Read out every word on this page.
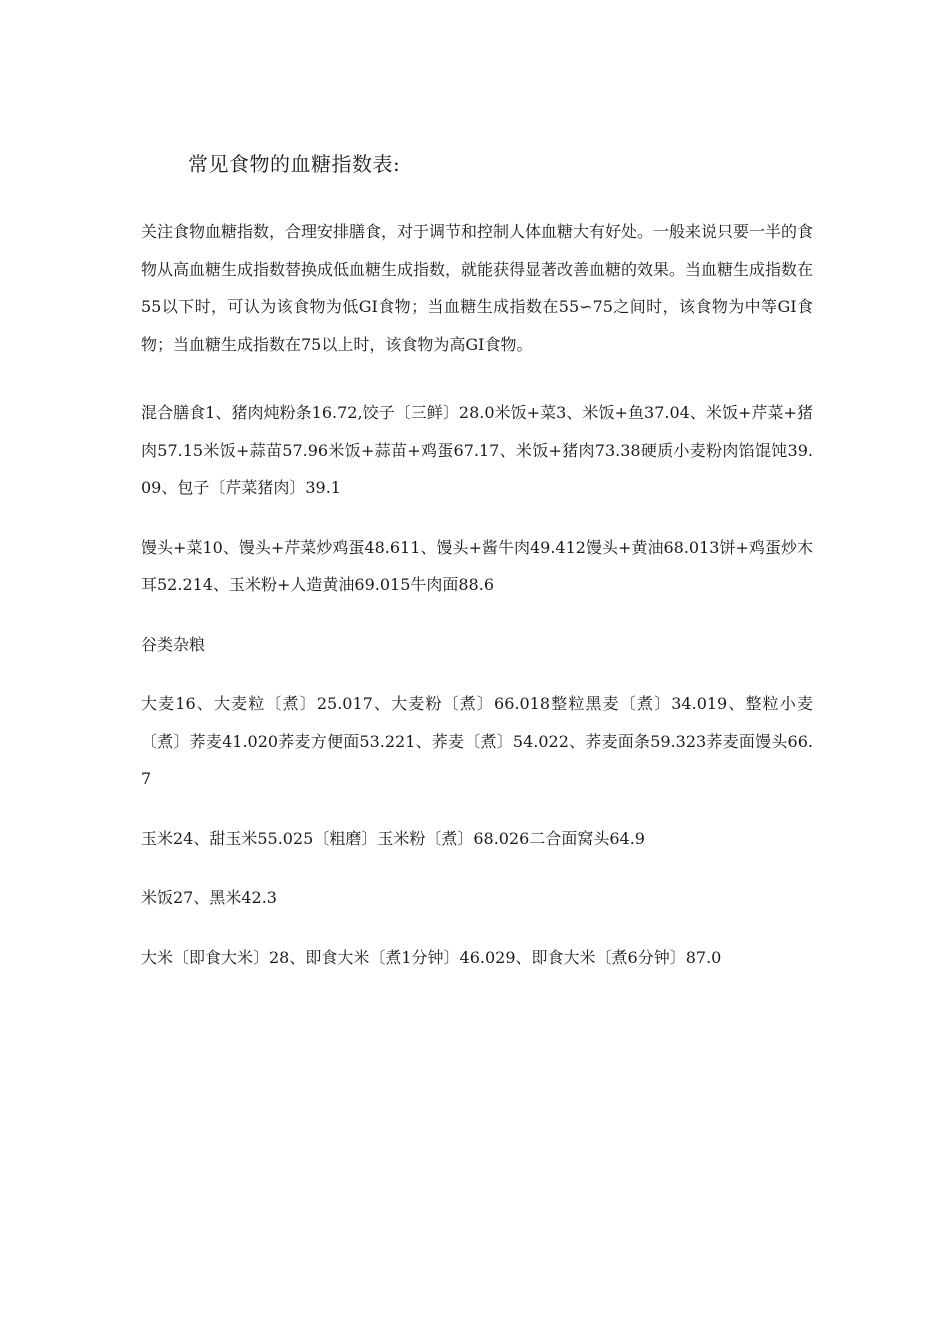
常见食物的血糖指数表:

关注食物血糖指数，合理安排膳食，对于调节和控制人体血糖大有好处。一般来说只要一半的食物从高血糖生成指数替换成低血糖生成指数，就能获得显著改善血糖的效果。当血糖生成指数在55以下时，可认为该食物为低GI食物；当血糖生成指数在55∽75之间时，该食物为中等GI食物；当血糖生成指数在75以上时，该食物为高GI食物。

混合膳食1、猪肉炖粉条16.72,饺子〔三鲜〕28.0米饭+菜3、米饭+鱼37.04、米饭+芹菜+猪肉57.15米饭+蒜苗57.96米饭+蒜苗+鸡蛋67.17、米饭+猪肉73.38硬质小麦粉肉馅馄饨39.09、包子〔芹菜猪肉〕39.1

馒头+菜10、馒头+芹菜炒鸡蛋48.611、馒头+酱牛肉49.412馒头+黄油68.013饼+鸡蛋炒木耳52.214、玉米粉+人造黄油69.015牛肉面88.6

谷类杂粮

大麦16、大麦粒〔煮〕25.017、大麦粉〔煮〕66.018整粒黑麦〔煮〕34.019、整粒小麦〔煮〕荞麦41.020荞麦方便面53.221、荞麦〔煮〕54.022、荞麦面条59.323荞麦面馒头66.7

玉米24、甜玉米55.025〔粗磨〕玉米粉〔煮〕68.026二合面窝头64.9

米饭27、黑米42.3

大米〔即食大米〕28、即食大米〔煮1分钟〕46.029、即食大米〔煮6分钟〕87.0
